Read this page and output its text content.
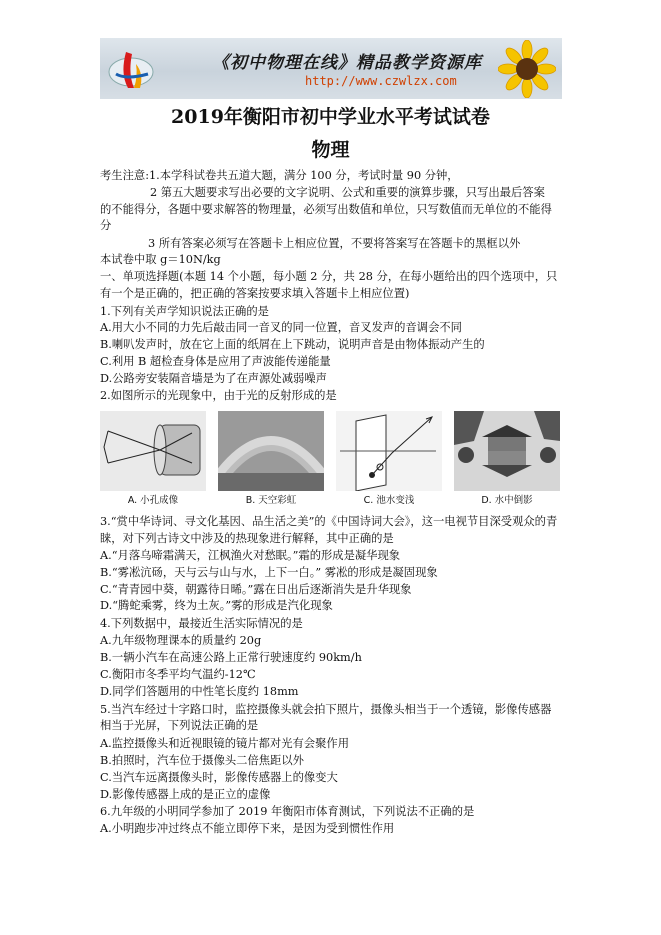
《初中物理在线》精品教学资源库
http://www.czwlzx.com
2019年衡阳市初中学业水平考试试卷
物理
考生注意:1.本学科试卷共五道大题，满分 100 分，考试时量 90 分钟，
2 第五大题要求写出必要的文字说明、公式和重要的演算步骤，只写出最后答案
的不能得分，各题中要求解答的物理量，必须写出数值和单位，只写数值而无单位的不能得
分
3 所有答案必须写在答题卡上相应位置，不要将答案写在答题卡的黑框以外
本试卷中取 g＝10N/kg
一、单项选择题(本题 14 个小题，每小题 2 分，共 28 分，在每小题给出的四个选项中，只
有一个是正确的，把正确的答案按要求填入答题卡上相应位置)
1.下列有关声学知识说法正确的是
A.用大小不同的力先后敲击同一音叉的同一位置，音叉发声的音调会不同
B.喇叭发声时，放在它上面的纸屑在上下跳动，说明声音是由物体振动产生的
C.利用 B 超检查身体是应用了声波能传递能量
D.公路旁安装隔音墙是为了在声源处减弱噪声
2.如图所示的光现象中，由于光的反射形成的是
3.“赏中华诗词、寻文化基因、品生活之美”的《中国诗词大会》，这一电视节目深受观众的青
睐，对下列古诗文中涉及的热现象进行解释，其中正确的是
A.“月落乌啼霜满天，江枫渔火对愁眠。”霜的形成是凝华现象
B.“雾凇沆砀，天与云与山与水，上下一白。” 雾凇的形成是凝固现象
C.“青青园中葵，朝露待日晞。”露在日出后逐渐消失是升华现象
D.“腾蛇乘雾，终为土灰。”雾的形成是汽化现象
4.下列数据中，最接近生活实际情况的是
A.九年级物理课本的质量约 20g
B.一辆小汽车在高速公路上正常行驶速度约 90km/h
C.衡阳市冬季平均气温约-12℃
D.同学们答题用的中性笔长度约 18mm
5.当汽车经过十字路口时，监控摄像头就会拍下照片，摄像头相当于一个透镜，影像传感器
相当于光屏，下列说法正确的是
A.监控摄像头和近视眼镜的镜片都对光有会聚作用
B.拍照时，汽车位于摄像头二倍焦距以外
C.当汽车远离摄像头时，影像传感器上的像变大
D.影像传感器上成的是正立的虚像
6.九年级的小明同学参加了 2019 年衡阳市体育测试，下列说法不正确的是
A.小明跑步冲过终点不能立即停下来，是因为受到惯性作用
A. 小孔成像	B. 天空彩虹	C. 池水变浅	D. 水中倒影
